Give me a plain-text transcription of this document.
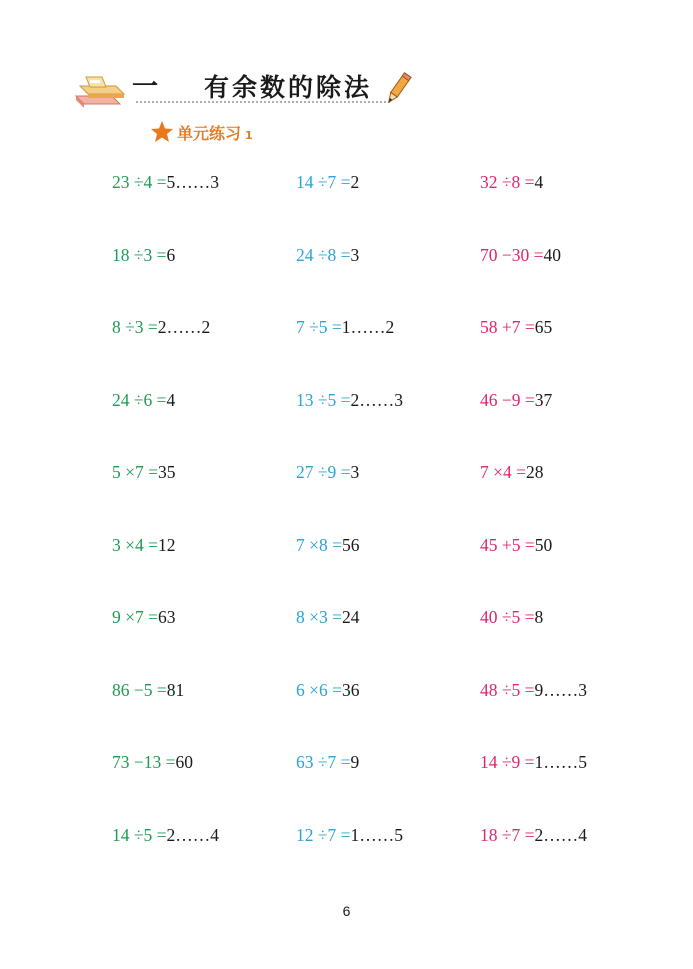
一 有余数的除法
单元练习 1
23 ÷4 =5……3
18 ÷3 =6
8 ÷3 =2……2
24 ÷6 =4
5 ×7 =35
3 ×4 =12
9 ×7 =63
86 −5 =81
73 −13 =60
14 ÷5 =2……4
14 ÷7 =2
24 ÷8 =3
7 ÷5 =1……2
13 ÷5 =2……3
27 ÷9 =3
7 ×8 =56
8 ×3 =24
6 ×6 =36
63 ÷7 =9
12 ÷7 =1……5
32 ÷8 =4
70 −30 =40
58 +7 =65
46 −9 =37
7 ×4 =28
45 +5 =50
40 ÷5 =8
48 ÷5 =9……3
14 ÷9 =1……5
18 ÷7 =2……4
6
